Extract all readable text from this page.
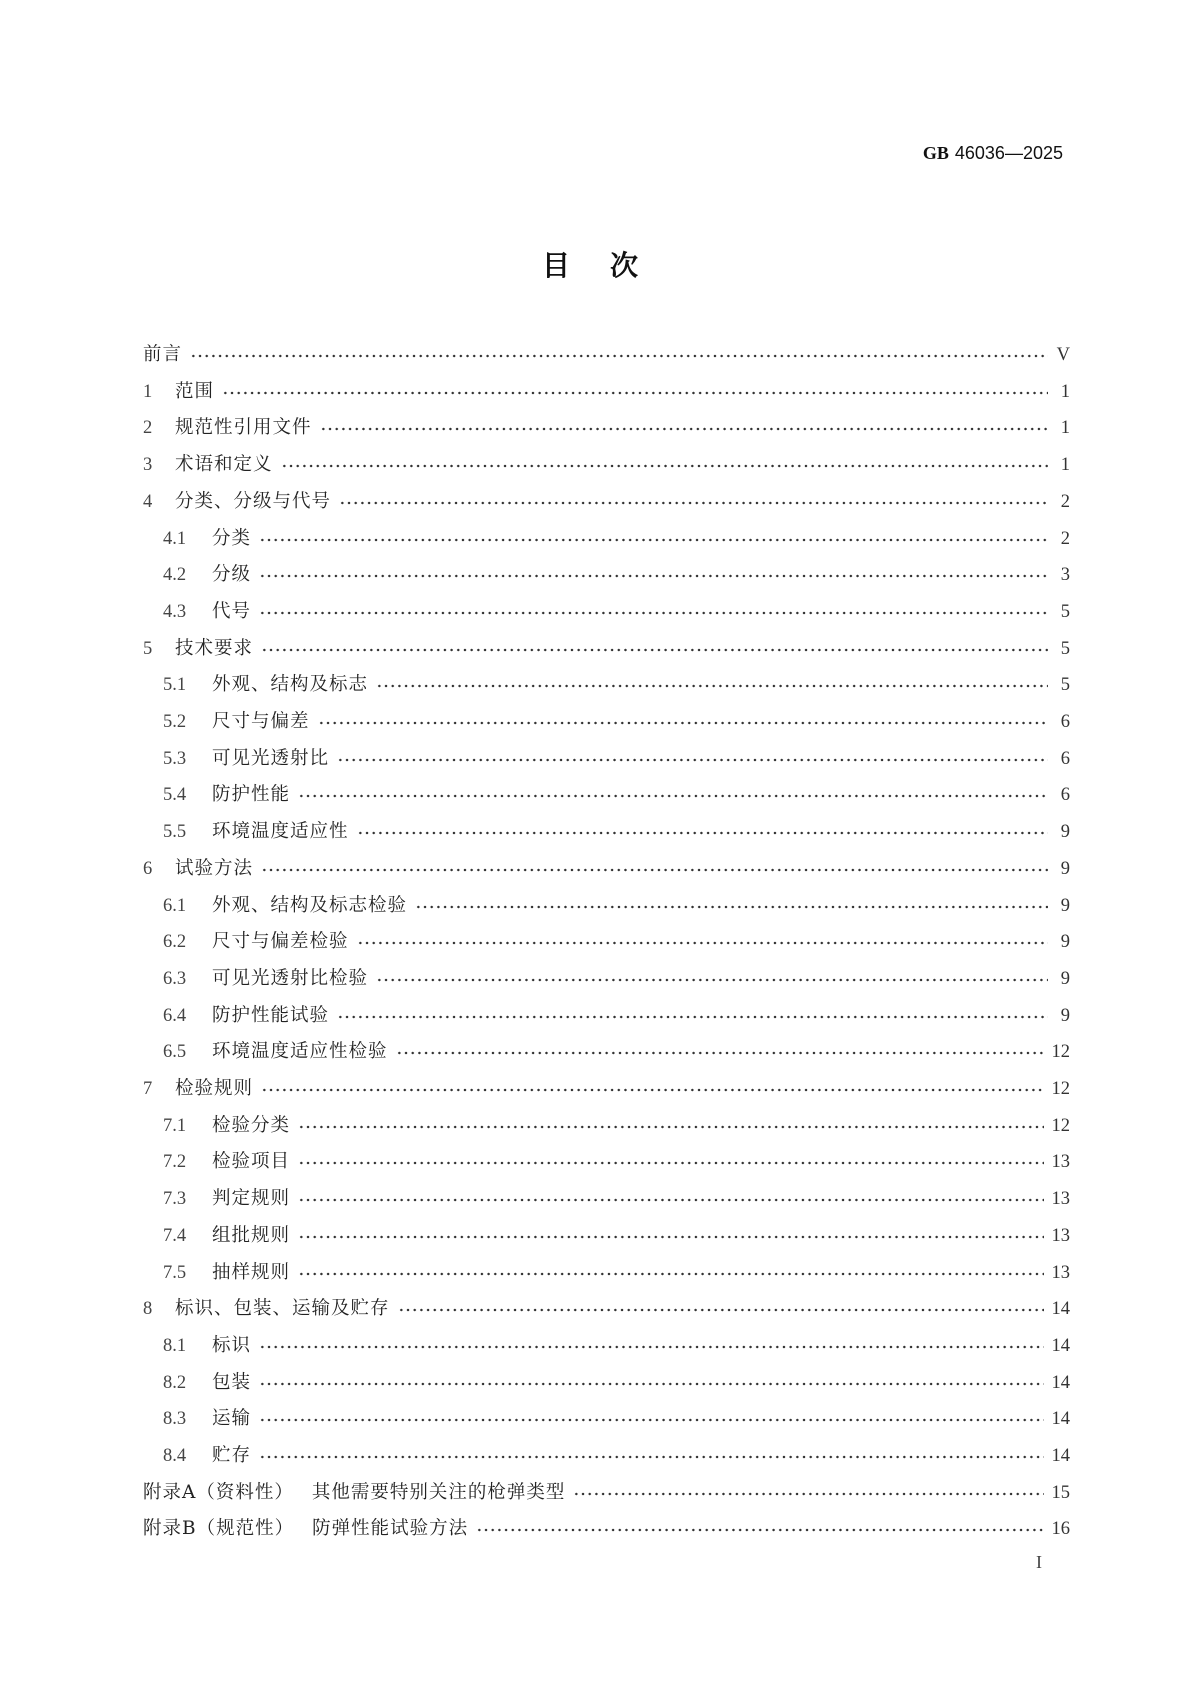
GB 46036—2025
目次
前言	V
1	范围	1
2	规范性引用文件	1
3	术语和定义	1
4	分类、分级与代号	2
4.1	分类	2
4.2	分级	3
4.3	代号	5
5	技术要求	5
5.1	外观、结构及标志	5
5.2	尺寸与偏差	6
5.3	可见光透射比	6
5.4	防护性能	6
5.5	环境温度适应性	9
6	试验方法	9
6.1	外观、结构及标志检验	9
6.2	尺寸与偏差检验	9
6.3	可见光透射比检验	9
6.4	防护性能试验	9
6.5	环境温度适应性检验	12
7	检验规则	12
7.1	检验分类	12
7.2	检验项目	13
7.3	判定规则	13
7.4	组批规则	13
7.5	抽样规则	13
8	标识、包装、运输及贮存	14
8.1	标识	14
8.2	包装	14
8.3	运输	14
8.4	贮存	14
附录A（资料性） 其他需要特别关注的枪弹类型	15
附录B（规范性） 防弹性能试验方法	16
I
